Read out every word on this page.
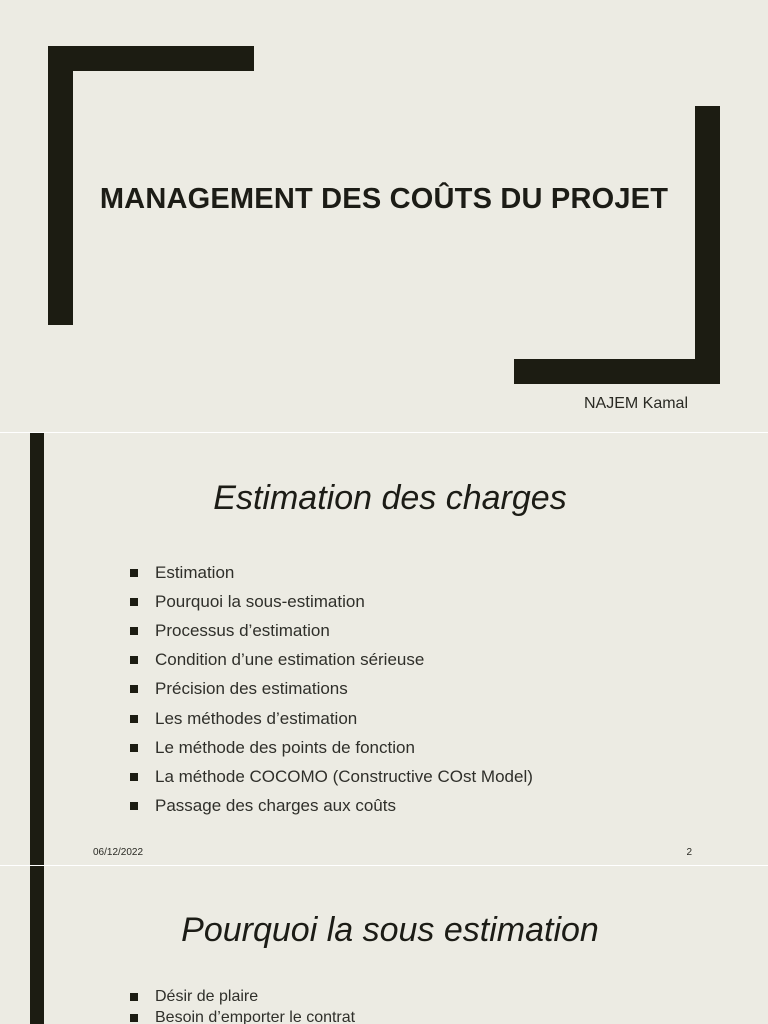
MANAGEMENT DES COÛTS DU PROJET
NAJEM Kamal
Estimation des charges
Estimation
Pourquoi la sous-estimation
Processus d’estimation
Condition d’une estimation sérieuse
Précision des estimations
Les méthodes d’estimation
Le méthode des points de fonction
La méthode COCOMO (Constructive COst Model)
Passage des charges aux coûts
06/12/2022	2
Pourquoi la sous estimation
Désir de plaire
Besoin d’emporter le contrat
